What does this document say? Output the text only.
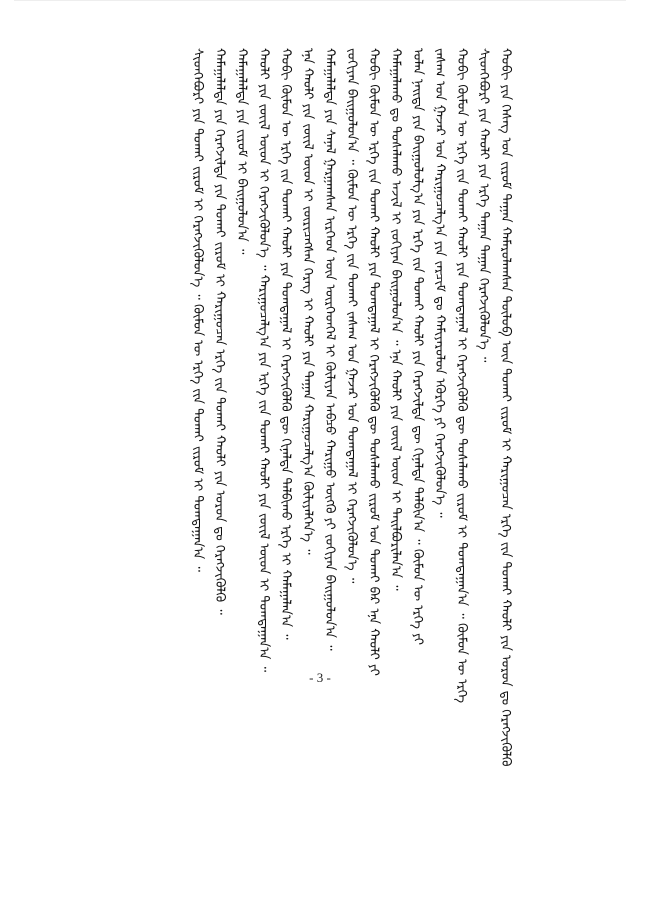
ᠬᠤᠪᠢ ᠶᠢᠨ ᠬᠡᠰᠡᠭ ᠤᠨ ᠵᠢᠷᠤᠮ ᠳᠠᠭᠠᠨ ᠬᠠᠮᠠᠷᠤᠯᠠᠭᠰᠠᠨ ᠲᠥᠯᠥᠪ ᠦᠨ ᠲᠤᠬᠠᠢ ᠵᠢᠷᠤᠮ ᠢ ᠬᠠᠷᠢᠭᠤᠴᠠᠨ ᠡᠷᠬᠡ ᠵᠢᠨ ᠲᠤᠬᠠᠢ ᠬᠠᠤᠯᠢ ᠶᠢᠨ ᠤᠷᠤᠨ ᠳᠤ ᠬᠡᠷᠡᠭᠵᠢᠭᠦᠯᠬᠦ
ᠰᠢᠳᠬᠡᠪᠦᠷᠢ ᠶᠢᠨ ᠬᠠᠤᠯᠢ ᠶᠢᠨ ᠡᠷᠬᠡ ᠳᠠᠭᠠᠨ ᠳᠠᠭᠠᠨ ᠬᠡᠷᠡᠭᠵᠢᠭᠦᠯᠦᠨ᠎ᠡ ᠃
ᠬᠤᠪᠢ ᠬᠦᠮᠦᠨ ᠦ ᠡᠷᠬᠡ ᠵᠢᠨ ᠲᠤᠬᠠᠢ ᠬᠠᠤᠯᠢ ᠶᠢᠨ ᠲᠣᠭᠲᠠᠭᠠᠯ ᠢ ᠬᠡᠷᠡᠭᠵᠢᠭᠦᠯᠬᠦ ᠳᠦ ᠲᠤᠰᠠᠯᠠᠬᠤ ᠵᠢᠷᠤᠮ ᠢ ᠲᠣᠭᠲᠠᠭᠠᠨ᠎ᠠ ᠃ ᠬᠦᠮᠦᠨ ᠦ ᠡᠷᠬᠡ
ᠵᠠᠰᠠᠭ ᠤᠨ ᠭᠠᠵᠠᠷ ᠤᠨ ᠬᠠᠷᠢᠭᠤᠴᠠᠯᠭ᠎ᠠ ᠶᠢᠨ ᠵᠠᠷᠴᠢᠮ ᠳᠤ ᠬᠠᠮᠢᠶᠠᠷᠤᠯᠤᠨ ᠡᠭᠦᠷᠭᠡ ᠶᠢ ᠬᠡᠷᠡᠭᠵᠢᠭᠦᠯᠦᠨ᠎ᠡ ᠃
ᠣᠯᠠᠨ ᠨᠡᠢᠲᠡ ᠶᠢᠨ ᠪᠠᠢᠭᠤᠯᠤᠯᠭ᠎ᠠ ᠶᠢᠨ ᠡᠷᠬᠡ ᠵᠢᠨ ᠲᠤᠬᠠᠢ ᠬᠠᠤᠯᠢ ᠶᠢᠨ ᠬᠡᠷᠡᠭᠵᠢᠯᠲᠡ ᠳᠦ ᠬᠢᠨᠠᠯᠲᠠ ᠲᠠᠯᠪᠢᠨ᠎ᠠ ᠃ ᠬᠦᠮᠦᠨ ᠦ ᠡᠷᠬᠡ ᠶᠢ
ᠬᠠᠮᠠᠭᠠᠯᠠᠬᠤ ᠳᠤ ᠲᠤᠰᠠᠯᠠᠬᠤ ᠠᠵᠢᠯ ᠢ ᠵᠣᠬᠢᠶᠠᠨ ᠪᠠᠢᠭᠤᠯᠤᠨ᠎ᠠ ᠃ ᠡᠨᠡ ᠬᠠᠤᠯᠢ ᠶᠢᠨ ᠵᠦᠢᠯ ᠦᠳ ᠢ ᠲᠠᠢᠯᠪᠤᠷᠢᠯᠠᠨ᠎ᠠ ᠃
ᠬᠤᠪᠢ ᠬᠦᠮᠦᠨ ᠦ ᠡᠷᠬᠡ ᠵᠢᠨ ᠲᠤᠬᠠᠢ ᠬᠠᠤᠯᠢ ᠶᠢᠨ ᠲᠣᠭᠲᠠᠭᠠᠯ ᠢ ᠬᠡᠷᠡᠭᠵᠢᠭᠦᠯᠬᠦ ᠳᠦ ᠲᠤᠰᠠᠯᠠᠬᠤ ᠵᠢᠷᠤᠮ ᠤᠨ ᠲᠤᠬᠠᠢ ᠪᠠᠷ ᠡᠨᠡ ᠬᠠᠤᠯᠢ ᠶᠢ
ᠵᠣᠬᠢᠶᠠᠨ ᠪᠠᠢᠭᠤᠯᠤᠨ᠎ᠠ ᠃ ᠬᠦᠮᠦᠨ ᠦ ᠡᠷᠬᠡ ᠵᠢᠨ ᠲᠤᠬᠠᠢ ᠵᠠᠰᠠᠭ ᠤᠨ ᠭᠠᠵᠠᠷ ᠤᠨ ᠲᠣᠭᠲᠠᠭᠠᠯ ᠢ ᠬᠡᠷᠡᠭᠵᠢᠭᠦᠯᠦᠨ᠎ᠡ ᠃
ᠬᠠᠮᠠᠭᠠᠯᠠᠯᠲᠠ ᠶᠢᠨ ᠰᠠᠨᠠᠯ ᠭᠠᠷᠭᠠᠭᠰᠠᠨ ᠢᠷᠭᠡᠳ ᠦᠨ ᠥᠷᠭᠡᠳᠬᠡᠯ ᠢ ᠬᠦᠯᠢᠶᠡᠨ ᠠᠪᠴᠤ ᠬᠠᠷᠢᠭᠤ ᠥᠭᠭᠦ ᠶᠢ ᠵᠣᠬᠢᠶᠠᠨ ᠪᠠᠢᠭᠤᠯᠤᠨ᠎ᠠ ᠃
ᠡᠨᠡ ᠬᠠᠤᠯᠢ ᠶᠢᠨ ᠵᠦᠢᠯ ᠦᠳ ᠢ ᠵᠥᠷᠢᠴᠡᠭᠰᠡᠨ ᠬᠡᠷᠡᠭ ᠢ ᠬᠠᠤᠯᠢ ᠶᠢᠨ ᠳᠠᠭᠠᠨ ᠬᠠᠷᠢᠭᠤᠴᠠᠯᠭ᠎ᠠ ᠬᠦᠯᠢᠶᠡᠯᠭᠡᠨ᠎ᠡ ᠃
ᠬᠤᠪᠢ ᠬᠦᠮᠦᠨ ᠦ ᠡᠷᠬᠡ ᠵᠢᠨ ᠲᠤᠬᠠᠢ ᠬᠠᠤᠯᠢ ᠶᠢᠨ ᠲᠣᠭᠲᠠᠭᠠᠯ ᠢ ᠬᠡᠷᠡᠭᠵᠢᠭᠦᠯᠬᠦ ᠳᠦ ᠬᠢᠨᠠᠯᠲᠠ ᠲᠠᠯᠪᠢᠬᠤ ᠡᠷᠬᠡ ᠢ ᠬᠠᠮᠠᠭᠠᠯᠠᠨ᠎ᠠ ᠃
ᠬᠠᠤᠯᠢ ᠶᠢᠨ ᠵᠦᠢᠯ ᠦᠳ ᠢ ᠬᠡᠷᠡᠭᠵᠢᠭᠦᠯᠦᠨ᠎ᠡ ᠃ ᠬᠠᠷᠢᠭᠤᠴᠠᠯᠭ᠎ᠠ ᠶᠢᠨ ᠡᠷᠬᠡ ᠵᠢᠨ ᠲᠤᠬᠠᠢ ᠬᠠᠤᠯᠢ ᠶᠢᠨ ᠵᠦᠢᠯ ᠦᠳ ᠢ ᠲᠣᠭᠲᠠᠭᠠᠨ᠎ᠠ ᠃
ᠬᠠᠮᠠᠭᠠᠯᠠᠯᠲᠠ ᠶᠢᠨ ᠵᠢᠷᠤᠮ ᠢ ᠪᠠᠢᠭᠤᠯᠤᠨ᠎ᠠ ᠃
ᠬᠠᠮᠠᠭᠠᠯᠠᠯᠲᠠ ᠶᠢᠨ ᠬᠡᠷᠡᠭᠵᠢᠯᠲᠡ ᠶᠢᠨ ᠲᠤᠬᠠᠢ ᠵᠢᠷᠤᠮ ᠢ ᠬᠠᠷᠢᠭᠤᠴᠠᠨ ᠡᠷᠬᠡ ᠵᠢᠨ ᠲᠤᠬᠠᠢ ᠬᠠᠤᠯᠢ ᠶᠢᠨ ᠤᠷᠤᠨ ᠳᠤ ᠬᠡᠷᠡᠭᠵᠢᠭᠦᠯᠬᠦ ᠃
ᠰᠢᠳᠬᠡᠪᠦᠷᠢ ᠶᠢᠨ ᠲᠤᠬᠠᠢ ᠵᠢᠷᠤᠮ ᠢ ᠬᠡᠷᠡᠭᠵᠢᠭᠦᠯᠦᠨ᠎ᠡ ᠃ ᠬᠦᠮᠦᠨ ᠦ ᠡᠷᠬᠡ ᠵᠢᠨ ᠲᠤᠬᠠᠢ ᠵᠢᠷᠤᠮ ᠢ ᠲᠣᠭᠲᠠᠭᠠᠨ᠎ᠠ ᠃
- 3 -
